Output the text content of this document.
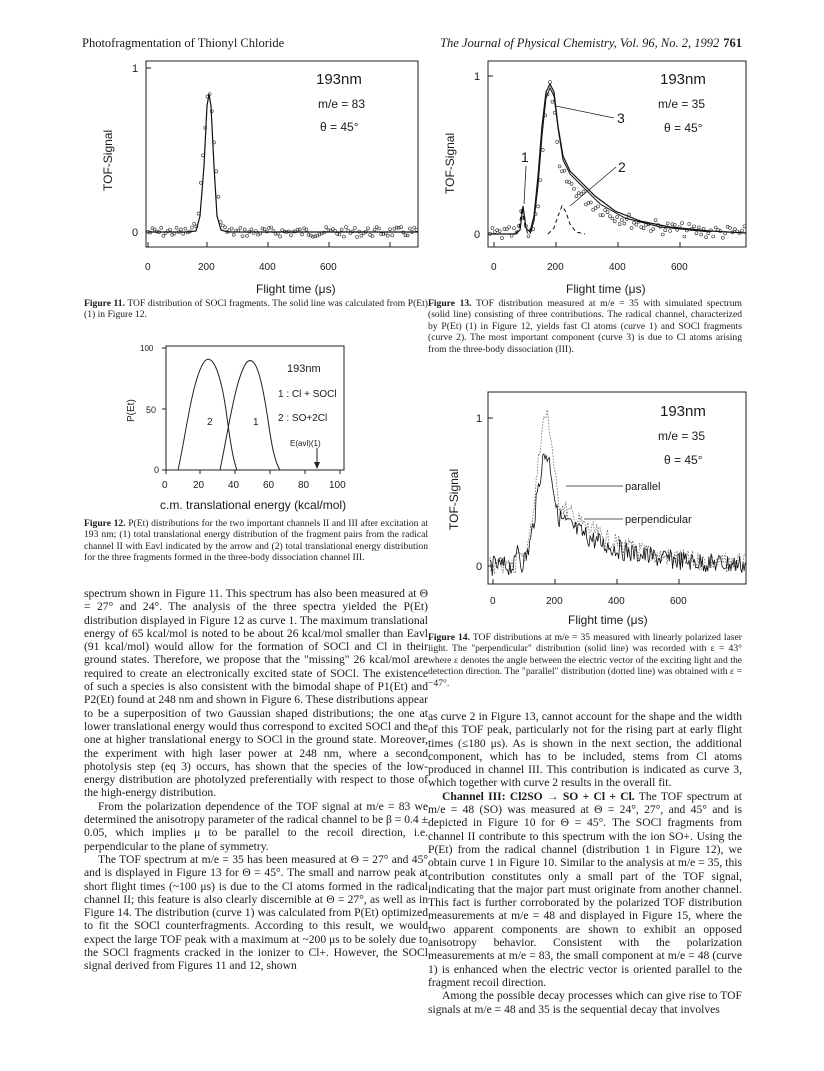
Photofragmentation of Thionyl Chloride	The Journal of Physical Chemistry, Vol. 96, No. 2, 1992 761
1
0
0	200	400	600
TOF-Signal
Flight time (μs)
193nm
m/e = 83
θ = 45°
Figure 11. TOF distribution of SOCl fragments. The solid line was calculated from P(Et) (1) in Figure 12.
100
50
0
0	20 40 60 80 100
P(Et)
c.m. translational energy (kcal/mol)
2	1
193nm
1 : Cl + SOCl
2 : SO+2Cl
E(avl)(1)
Figure 12. P(Et) distributions for the two important channels II and III after excitation at 193 nm; (1) total translational energy distribution of the fragment pairs from the radical channel II with Eavl indicated by the arrow and (2) total translational energy distribution for the three fragments formed in the three-body dissociation channel III.
1
0
0	200	400	600
TOF-Signal
Flight time (μs)
193nm
m/e = 35
θ = 45°
1
2
3
Figure 13. TOF distribution measured at m/e = 35 with simulated spectrum (solid line) consisting of three contributions. The radical channel, characterized by P(Et) (1) in Figure 12, yields fast Cl atoms (curve 1) and SOCl fragments (curve 2). The most important component (curve 3) is due to Cl atoms arising from the three-body dissociation (III).
1
0
0	200	400	600
TOF-Signal
Flight time (μs)
193nm
m/e = 35
θ = 45°
parallel
perpendicular
Figure 14. TOF distributions at m/e = 35 measured with linearly polarized laser light. The "perpendicular" distribution (solid line) was recorded with ε = 43° where ε denotes the angle between the electric vector of the exciting light and the detection direction. The "parallel" distribution (dotted line) was obtained with ε = −47°.

spectrum shown in Figure 11. This spectrum has also been measured at Θ = 27° and 24°. The analysis of the three spectra yielded the P(Et) distribution displayed in Figure 12 as curve 1. The maximum translational energy of 65 kcal/mol is noted to be about 26 kcal/mol smaller than Eavl (91 kcal/mol) would allow for the formation of SOCl and Cl in their ground states. Therefore, we propose that the "missing" 26 kcal/mol are required to create an electronically excited state of SOCl. The existence of such a species is also consistent with the bimodal shape of P1(Et) and P2(Et) found at 248 nm and shown in Figure 6. These distributions appear to be a superposition of two Gaussian shaped distributions; the one at lower translational energy would thus correspond to excited SOCl and the one at higher translational energy to SOCl in the ground state. Moreover, the experiment with high laser power at 248 nm, where a second photolysis step (eq 3) occurs, has shown that the species of the low-energy distribution are photolyzed preferentially with respect to those of the high-energy distribution.

From the polarization dependence of the TOF signal at m/e = 83 we determined the anisotropy parameter of the radical channel to be β = 0.4 ± 0.05, which implies μ to be parallel to the recoil direction, i.e. perpendicular to the plane of symmetry.

The TOF spectrum at m/e = 35 has been measured at Θ = 27° and 45° and is displayed in Figure 13 for Θ = 45°. The small and narrow peak at short flight times (~100 μs) is due to the Cl atoms formed in the radical channel II; this feature is also clearly discernible at Θ = 27°, as well as in Figure 14. The distribution (curve 1) was calculated from P(Et) optimized to fit the SOCl counterfragments. According to this result, we would expect the large TOF peak with a maximum at ~200 μs to be solely due to the SOCl fragments cracked in the ionizer to Cl+. However, the SOCl signal derived from Figures 11 and 12, shown

as curve 2 in Figure 13, cannot account for the shape and the width of this TOF peak, particularly not for the rising part at early flight times (≤180 μs). As is shown in the next section, the additional component, which has to be included, stems from Cl atoms produced in channel III. This contribution is indicated as curve 3, which together with curve 2 results in the overall fit.

Channel III: Cl2SO → SO + Cl + Cl. The TOF spectrum at m/e = 48 (SO) was measured at Θ = 24°, 27°, and 45° and is depicted in Figure 10 for Θ = 45°. The SOCl fragments from channel II contribute to this spectrum with the ion SO+. Using the P(Et) from the radical channel (distribution 1 in Figure 12), we obtain curve 1 in Figure 10. Similar to the analysis at m/e = 35, this contribution constitutes only a small part of the TOF signal, indicating that the major part must originate from another channel. This fact is further corroborated by the polarized TOF distribution measurements at m/e = 48 and displayed in Figure 15, where the two apparent components are shown to exhibit an opposed anisotropy behavior. Consistent with the polarization measurements at m/e = 83, the small component at m/e = 48 (curve 1) is enhanced when the electric vector is oriented parallel to the fragment recoil direction.

Among the possible decay processes which can give rise to TOF signals at m/e = 48 and 35 is the sequential decay that involves
